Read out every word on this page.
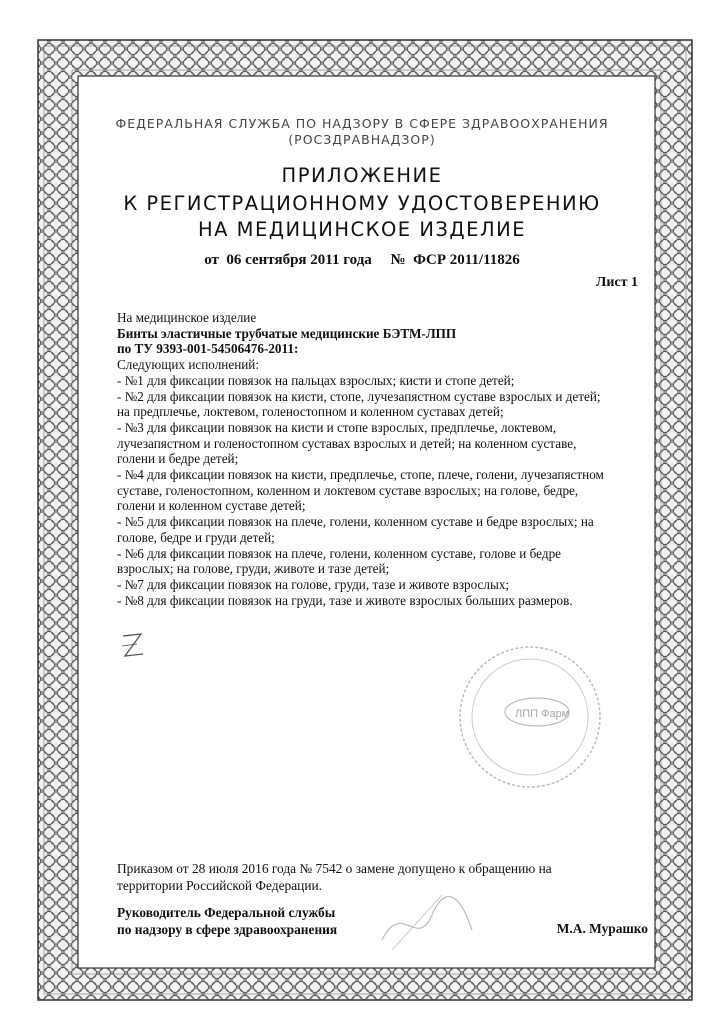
ФЕДЕРАЛЬНАЯ СЛУЖБА ПО НАДЗОРУ В СФЕРЕ ЗДРАВООХРАНЕНИЯ
(РОСЗДРАВНАДЗОР)
ПРИЛОЖЕНИЕ
К РЕГИСТРАЦИОННОМУ УДОСТОВЕРЕНИЮ
НА МЕДИЦИНСКОЕ ИЗДЕЛИЕ
от  06 сентября 2011 года     №  ФСР 2011/11826
Лист 1
На медицинское изделие
Бинты эластичные трубчатые медицинские БЭТМ-ЛПП
по ТУ 9393-001-54506476-2011:
Следующих исполнений:
- №1 для фиксации повязок на пальцах взрослых; кисти и стопе детей;
- №2 для фиксации повязок на кисти, стопе, лучезапястном суставе взрослых и детей;
на предплечье, локтевом, голеностопном и коленном суставах детей;
- №3 для фиксации повязок на кисти и стопе взрослых, предплечье, локтевом,
лучезапястном и голеностопном суставах взрослых и детей; на коленном суставе,
голени и бедре детей;
- №4 для фиксации повязок на кисти, предплечье, стопе, плече, голени, лучезапястном
суставе, голеностопном, коленном и локтевом суставе взрослых; на голове, бедре,
голени и коленном суставе детей;
- №5 для фиксации повязок на плече, голени, коленном суставе и бедре взрослых; на
голове, бедре и груди детей;
- №6 для фиксации повязок на плече, голени, коленном суставе, голове и бедре
взрослых; на голове, груди, животе и тазе детей;
- №7 для фиксации повязок на голове, груди, тазе и животе взрослых;
- №8 для фиксации повязок на груди, тазе и животе взрослых больших размеров.
ЛПП Фарм
Приказом от 28 июля 2016 года № 7542 о замене допущено к обращению на
территории Российской Федерации.
Руководитель Федеральной службы
по надзору в сфере здравоохранения	М.А. Мурашко
